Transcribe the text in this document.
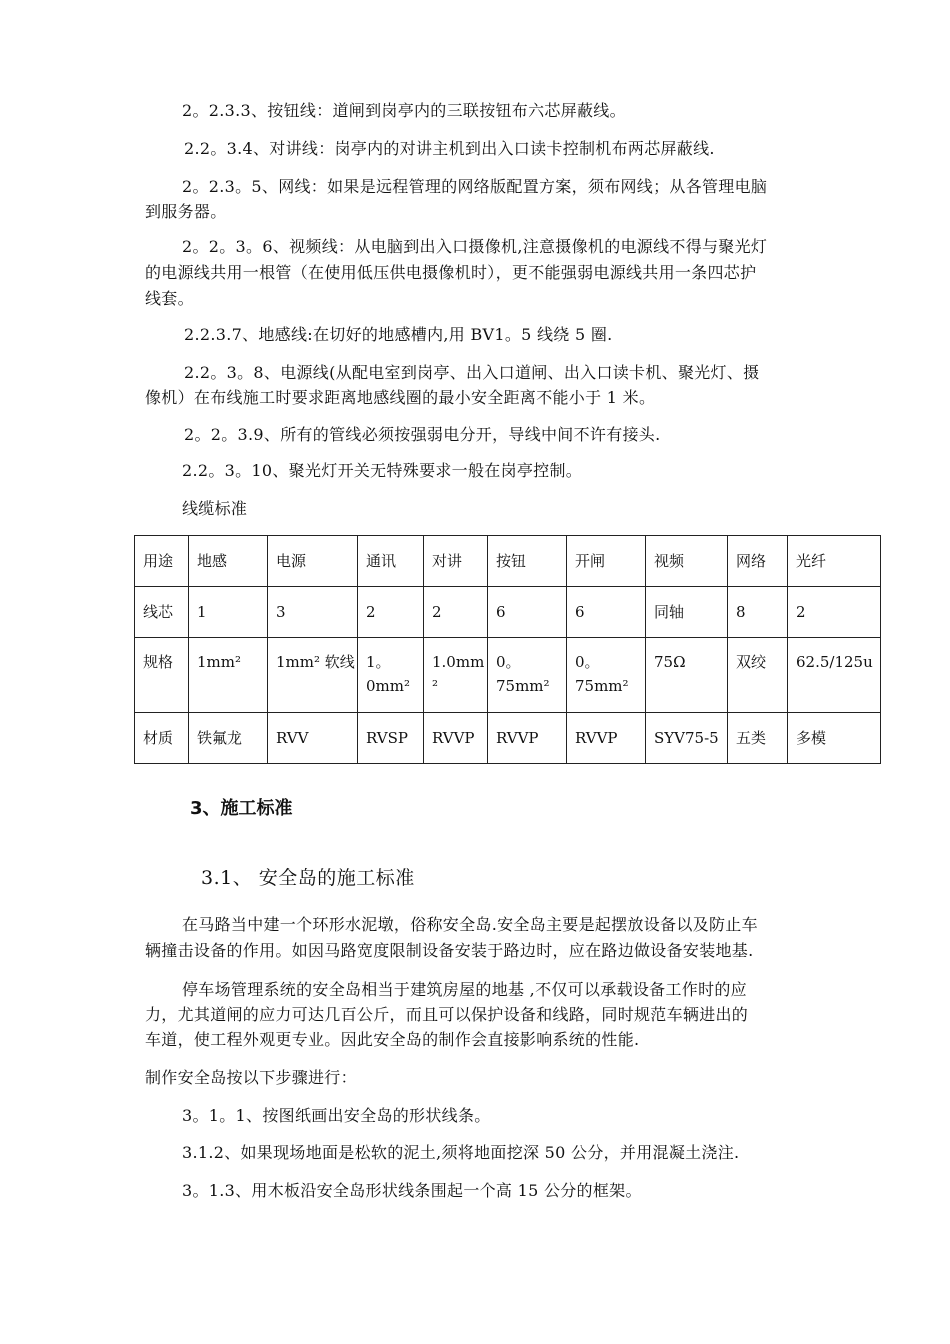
2。2.3.3、按钮线：道闸到岗亭内的三联按钮布六芯屏蔽线。
2.2。3.4、对讲线：岗亭内的对讲主机到出入口读卡控制机布两芯屏蔽线.
2。2.3。5、网线：如果是远程管理的网络版配置方案，须布网线；从各管理电脑
到服务器。
2。2。3。6、视频线：从电脑到出入口摄像机,注意摄像机的电源线不得与聚光灯
的电源线共用一根管（在使用低压供电摄像机时），更不能强弱电源线共用一条四芯护
线套。
2.2.3.7、地感线:在切好的地感槽内,用 BV1。5 线绕 5 圈.
2.2。3。8、电源线(从配电室到岗亭、出入口道闸、出入口读卡机、聚光灯、摄
像机）在布线施工时要求距离地感线圈的最小安全距离不能小于 1 米。
2。2。3.9、所有的管线必须按强弱电分开，导线中间不许有接头.
2.2。3。10、聚光灯开关无特殊要求一般在岗亭控制。
线缆标准
用途	地感	电源	通讯	对讲	按钮	开闸	视频	网络	光纤
线芯	1	3	2	2	6	6	同轴	8	2
规格	1mm²	1mm² 软线	1。0mm²	1.0mm²	0。75mm²	0。75mm²	75Ω	双绞	62.5/125u
材质	铁氟龙	RVV	RVSP	RVVP	RVVP	RVVP	SYV75-5	五类	多模
3、施工标准
3.1、 安全岛的施工标准
在马路当中建一个环形水泥墩，俗称安全岛.安全岛主要是起摆放设备以及防止车
辆撞击设备的作用。如因马路宽度限制设备安装于路边时，应在路边做设备安装地基.
停车场管理系统的安全岛相当于建筑房屋的地基 ,不仅可以承载设备工作时的应
力，尤其道闸的应力可达几百公斤，而且可以保护设备和线路，同时规范车辆进出的
车道，使工程外观更专业。因此安全岛的制作会直接影响系统的性能.
制作安全岛按以下步骤进行：
3。1。1、按图纸画出安全岛的形状线条。
3.1.2、如果现场地面是松软的泥土,须将地面挖深 50 公分，并用混凝土浇注.
3。1.3、用木板沿安全岛形状线条围起一个高 15 公分的框架。
